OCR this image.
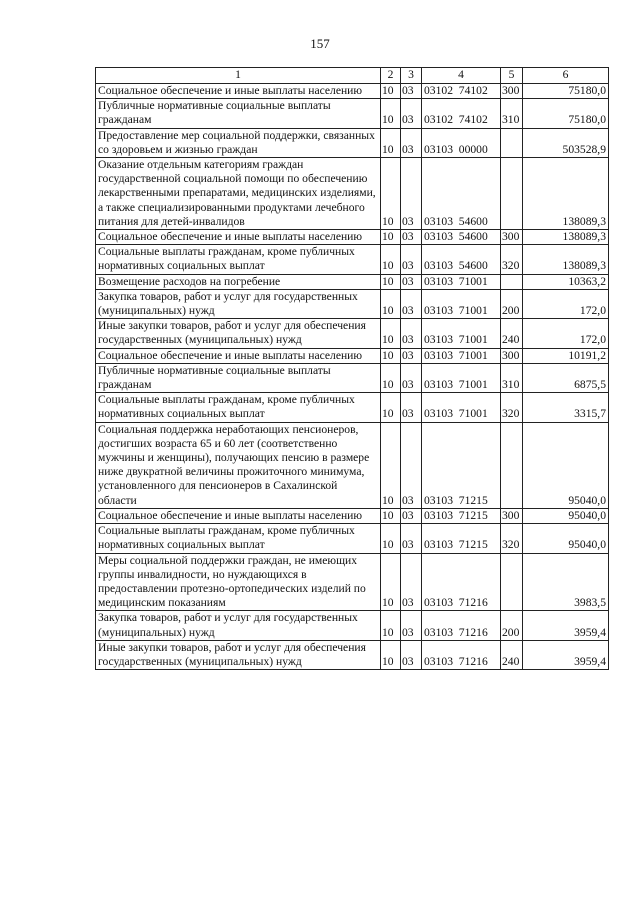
157
1	2	3	4	5	6
Социальное обеспечение и иные выплаты населению	10	03	03102  74102	300	75180,0
Публичные нормативные социальные выплаты гражданам	10	03	03102  74102	310	75180,0
Предоставление мер социальной поддержки, связанных со здоровьем и жизнью граждан	10	03	03103  00000		503528,9
Оказание отдельным категориям граждан государственной социальной помощи по обеспечению лекарственными препаратами, медицинских изделиями, а также специализированными продуктами лечебного питания для детей-инвалидов	10	03	03103  54600		138089,3
Социальное обеспечение и иные выплаты населению	10	03	03103  54600	300	138089,3
Социальные выплаты гражданам, кроме публичных нормативных социальных выплат	10	03	03103  54600	320	138089,3
Возмещение расходов на погребение	10	03	03103  71001		10363,2
Закупка товаров, работ и услуг для государственных (муниципальных) нужд	10	03	03103  71001	200	172,0
Иные закупки товаров, работ и услуг для обеспечения государственных (муниципальных) нужд	10	03	03103  71001	240	172,0
Социальное обеспечение и иные выплаты населению	10	03	03103  71001	300	10191,2
Публичные нормативные социальные выплаты гражданам	10	03	03103  71001	310	6875,5
Социальные выплаты гражданам, кроме публичных нормативных социальных выплат	10	03	03103  71001	320	3315,7
Социальная поддержка неработающих пенсионеров, достигших возраста 65 и 60 лет (соответственно мужчины и женщины), получающих пенсию в размере ниже двукратной величины прожиточного минимума, установленного для пенсионеров в Сахалинской области	10	03	03103  71215		95040,0
Социальное обеспечение и иные выплаты населению	10	03	03103  71215	300	95040,0
Социальные выплаты гражданам, кроме публичных нормативных социальных выплат	10	03	03103  71215	320	95040,0
Меры социальной поддержки граждан, не имеющих группы инвалидности, но нуждающихся в предоставлении протезно-ортопедических изделий по медицинским показаниям	10	03	03103  71216		3983,5
Закупка товаров, работ и услуг для государственных (муниципальных) нужд	10	03	03103  71216	200	3959,4
Иные закупки товаров, работ и услуг для обеспечения государственных (муниципальных) нужд	10	03	03103  71216	240	3959,4
